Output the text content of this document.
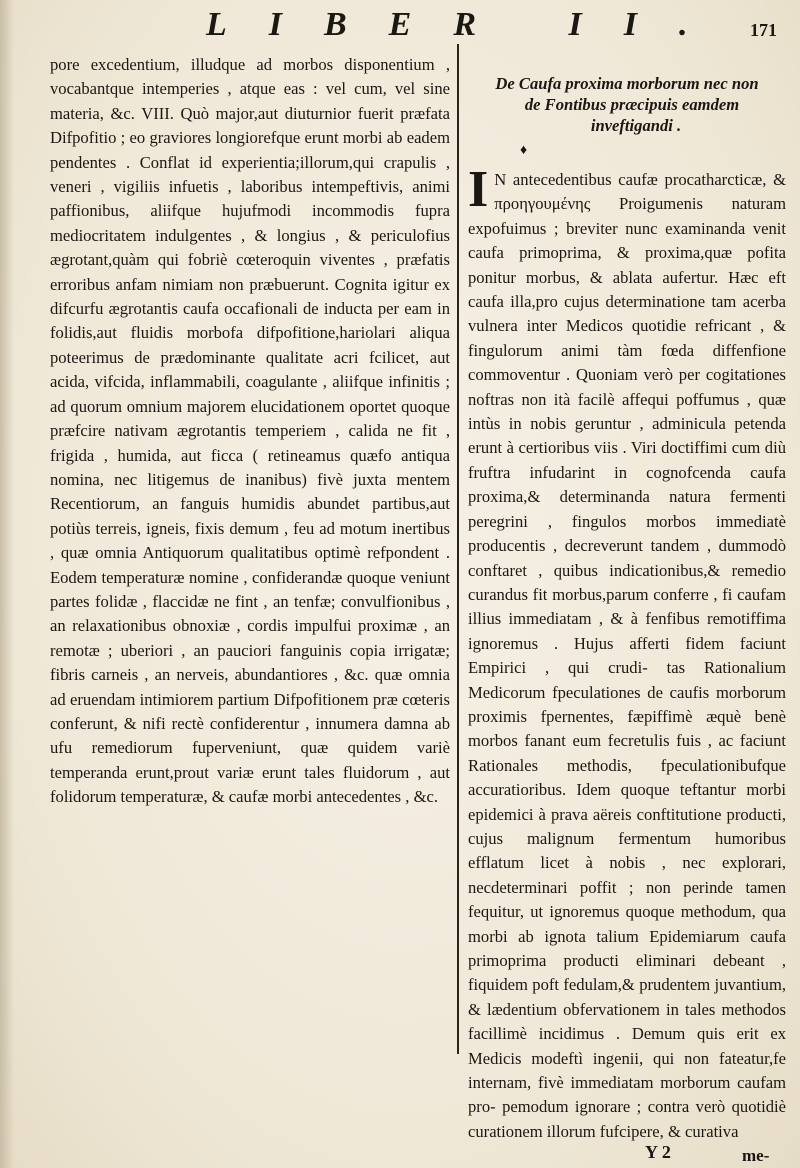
LIBER II. 171

pore excedentium, illudque ad morbos disponentium , vocabantque intemperies , atque eas : vel cum, vel sine materia, &c. VIII. Quò major,aut diuturnior fuerit præfata Difpofitio ; eo graviores longiorefque erunt morbi ab eadem pendentes . Conflat id experientia;illorum,qui crapulis , veneri , vigiliis infuetis , laboribus intempeftivis, animi paffionibus, aliifque hujufmodi incommodis fupra mediocritatem indulgentes , & longius , & periculofius ægrotant,quàm qui fobriè cœteroquin viventes , præfatis erroribus anfam nimiam non præbuerunt. Cognita igitur ex difcurfu ægrotantis caufa occafionali de inducta per eam in folidis,aut fluidis morbofa difpofitione,hariolari aliqua poteerimus de prædominante qualitate acri fcilicet, aut acida, vifcida, inflammabili, coagulante , aliifque infinitis ; ad quorum omnium majorem elucidationem oportet quoque præfcire nativam ægrotantis temperiem , calida ne fit , frigida , humida, aut ficca ( retineamus quæfo antiqua nomina, nec litigemus de inanibus) fivè juxta mentem Recentiorum, an fanguis humidis abundet partibus,aut potiùs terreis, igneis, fixis demum , feu ad motum inertibus , quæ omnia Antiquorum qualitatibus optimè refpondent . Eodem temperaturæ nomine , confiderandæ quoque veniunt partes folidæ , flaccidæ ne fint , an tenfæ; convulfionibus , an relaxationibus obnoxiæ , cordis impulfui proximæ , an remotæ ; uberiori , an pauciori fanguinis copia irrigatæ; fibris carneis , an nerveis, abundantiores , &c. quæ omnia ad eruendam intimiorem partium Difpofitionem præ cœteris conferunt, & nifi rectè confiderentur , innumera damna ab ufu remediorum fuperveniunt, quæ quidem variè temperanda erunt,prout variæ erunt tales fluidorum , aut folidorum temperaturæ, & caufæ morbi antecedentes , &c.

De Caufa proxima morborum nec non
de Fontibus præcipuis eamdem
inveftigandi .
♦

I N antecedentibus caufæ procatharcticæ, & προηγουμένης Proigumenis naturam expofuimus ; breviter nunc examinanda venit caufa primoprima, & proxima,quæ pofita ponitur morbus, & ablata aufertur. Hæc eft caufa illa,pro cujus determinatione tam acerba vulnera inter Medicos quotidie refricant , & fingulorum animi tàm fœda diffenfione commoventur . Quoniam verò per cogitationes noftras non ità facilè affequi poffumus , quæ intùs in nobis geruntur , adminicula petenda erunt à certioribus viis . Viri doctiffimi cum diù fruftra infudarint in cognofcenda caufa proxima,& determinanda natura fermenti peregrini , fingulos morbos immediatè producentis , decreverunt tandem , dummodò conftaret , quibus indicationibus,& remedio curandus fit morbus,parum conferre , fi caufam illius immediatam , & à fenfibus remotiffima ignoremus . Hujus afferti fidem faciunt Empirici , qui crudi- tas Rationalium Medicorum fpeculationes de caufis morborum proximis fpernentes, fæpiffimè æquè benè morbos fanant eum fecretulis fuis , ac faciunt Rationales methodis, fpeculationibufque accuratioribus. Idem quoque teftantur morbi epidemici à prava aëreis conftitutione producti, cujus malignum fermentum humoribus efflatum licet à nobis , nec explorari, necdeterminari poffit ; non perinde tamen fequitur, ut ignoremus quoque methodum, qua morbi ab ignota talium Epidemiarum caufa primoprima producti eliminari debeant , fiquidem poft fedulam,& prudentem juvantium, & lædentium obfervationem in tales methodos facillimè incidimus . Demum quis erit ex Medicis modeftì ingenii, qui non fateatur,fe internam, fivè immediatam morborum caufam pro- pemodum ignorare ; contra verò quotidiè curationem illorum fufcipere, & curativa

Y 2	me-
